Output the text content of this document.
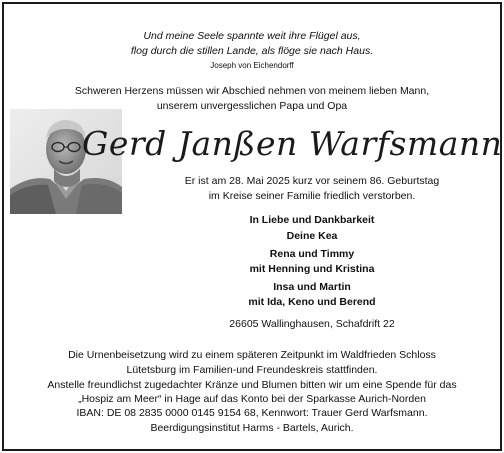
Und meine Seele spannte weit ihre Flügel aus,
flog durch die stillen Lande, als flöge sie nach Haus.
Joseph von Eichendorff
Schweren Herzens müssen wir Abschied nehmen von meinem lieben Mann,
unserem unvergesslichen Papa und Opa
Gerd Janßen Warfsmann
Er ist am 28. Mai 2025 kurz vor seinem 86. Geburtstag
im Kreise seiner Familie friedlich verstorben.
In Liebe und Dankbarkeit
Deine Kea
Rena und Timmy
mit Henning und Kristina
Insa und Martin
mit Ida, Keno und Berend
26605 Wallinghausen, Schafdrift 22
Die Urnenbeisetzung wird zu einem späteren Zeitpunkt im Waldfrieden Schloss
Lütetsburg im Familien-und Freundeskreis stattfinden.
Anstelle freundlichst zugedachter Kränze und Blumen bitten wir um eine Spende für das
„Hospiz am Meer“ in Hage auf das Konto bei der Sparkasse Aurich-Norden
IBAN: DE 08 2835 0000 0145 9154 68, Kennwort: Trauer Gerd Warfsmann.
Beerdigungsinstitut Harms - Bartels, Aurich.
